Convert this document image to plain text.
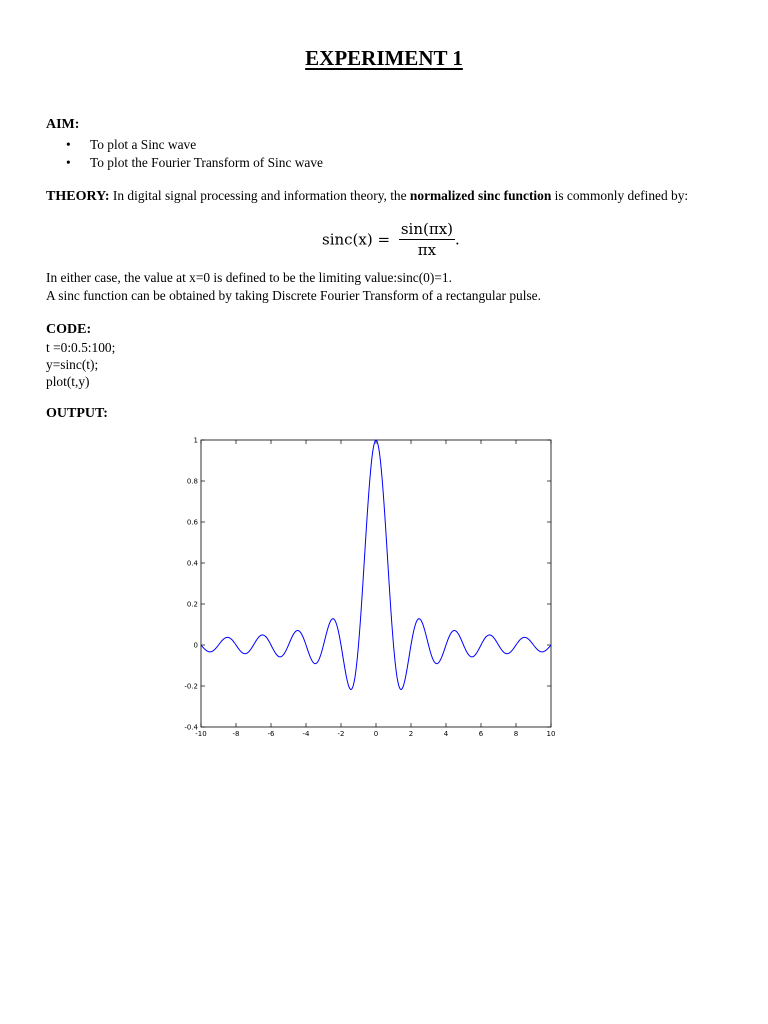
EXPERIMENT 1
AIM:
• To plot a Sinc wave
• To plot the Fourier Transform of Sinc wave
THEORY: In digital signal processing and information theory, the normalized sinc function is commonly defined by:
$\sin c(x) = \frac{\sin(\pi x)}{\pi x}$ .
In either case, the value at x=0 is defined to be the limiting value:sinc(0)=1.
A sinc function can be obtained by taking Discrete Fourier Transform of a rectangular pulse.
CODE:
t =0:0.5:100;
y=sinc(t);
plot(t,y)
OUTPUT:
-10	-8	-6	-4	-2	0	2	4	6	8	10
-0.4
-0.2
0
0.2
0.4
0.6
0.8
1
